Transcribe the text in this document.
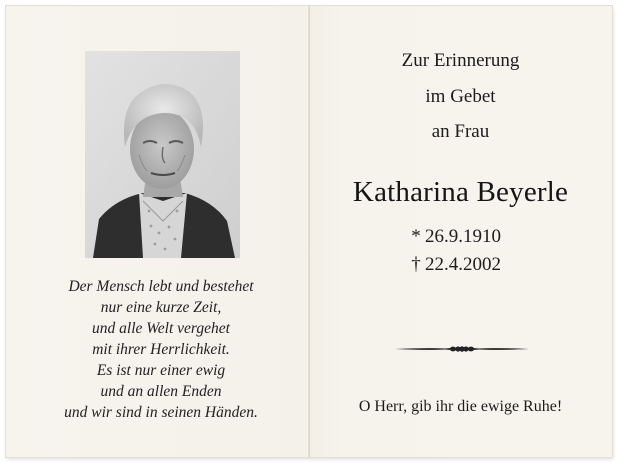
Der Mensch lebt und bestehet
nur eine kurze Zeit,
und alle Welt vergehet
mit ihrer Herrlichkeit.
Es ist nur einer ewig
und an allen Enden
und wir sind in seinen Händen.
Zur Erinnerung
im Gebet
an Frau
Katharina Beyerle
* 26.9.1910
† 22.4.2002
O Herr, gib ihr die ewige Ruhe!
